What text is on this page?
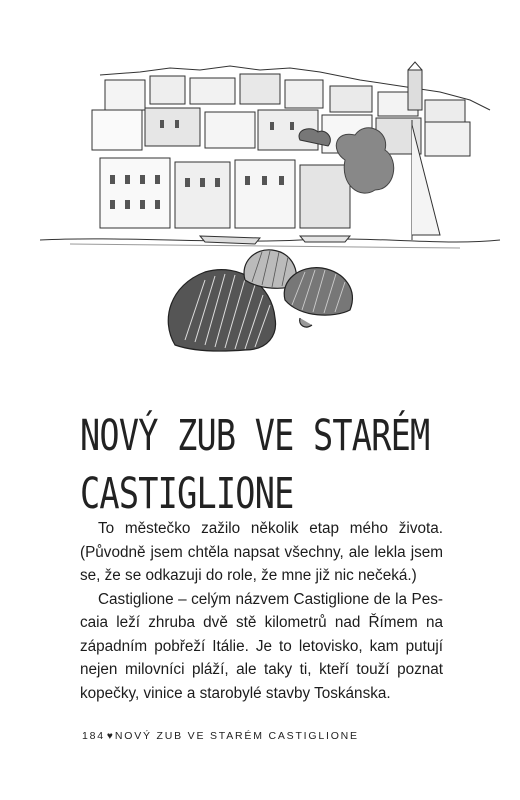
NOVÝ ZUB VE STARÉM
CASTIGLIONE

To městečko zažilo několik etap mého života. (Původně jsem chtěla napsat všechny, ale lekla jsem se, že se odkazuji do role, že mne již nic nečeká.)

Castiglione – celým názvem Castiglione de la Pescaia leží zhruba dvě stě kilometrů nad Římem na západním pobřeží Itálie. Je to letovisko, kam putují nejen milovníci pláží, ale taky ti, kteří touží poznat kopečky, vinice a starobylé stavby Toskánska.

184 ♥ NOVÝ ZUB VE STARÉM CASTIGLIONE
